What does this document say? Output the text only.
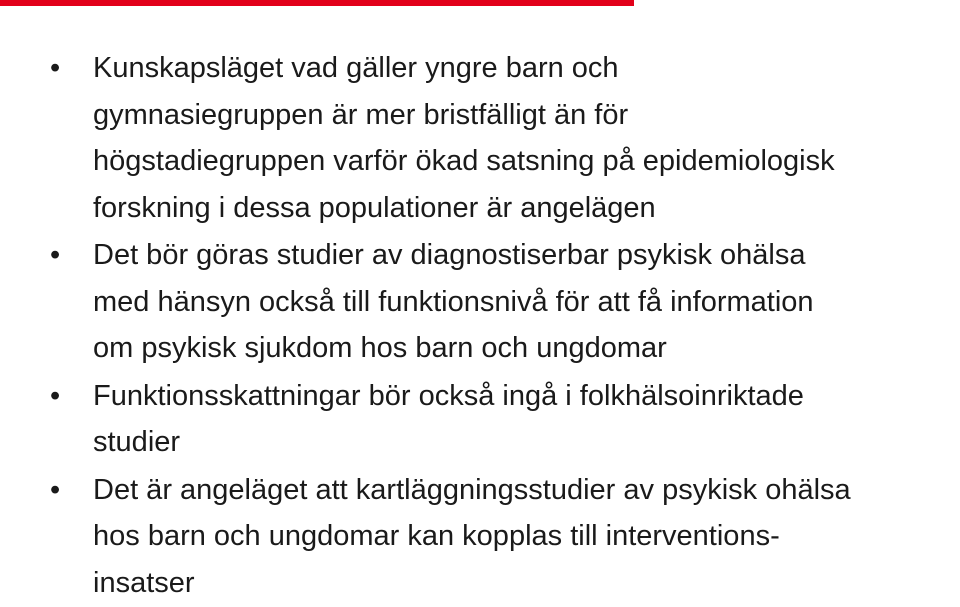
•	Kunskapsläget vad gäller yngre barn och
gymnasiegruppen är mer bristfälligt än för
högstadiegruppen varför ökad satsning på epidemiologisk
forskning i dessa populationer är angelägen
•	Det bör göras studier av diagnostiserbar psykisk ohälsa
med hänsyn också till funktionsnivå för att få information
om psykisk sjukdom hos barn och ungdomar
•	Funktionsskattningar bör också ingå i folkhälsoinriktade
studier
•	Det är angeläget att kartläggningsstudier av psykisk ohälsa
hos barn och ungdomar kan kopplas till interventions-
insatser
